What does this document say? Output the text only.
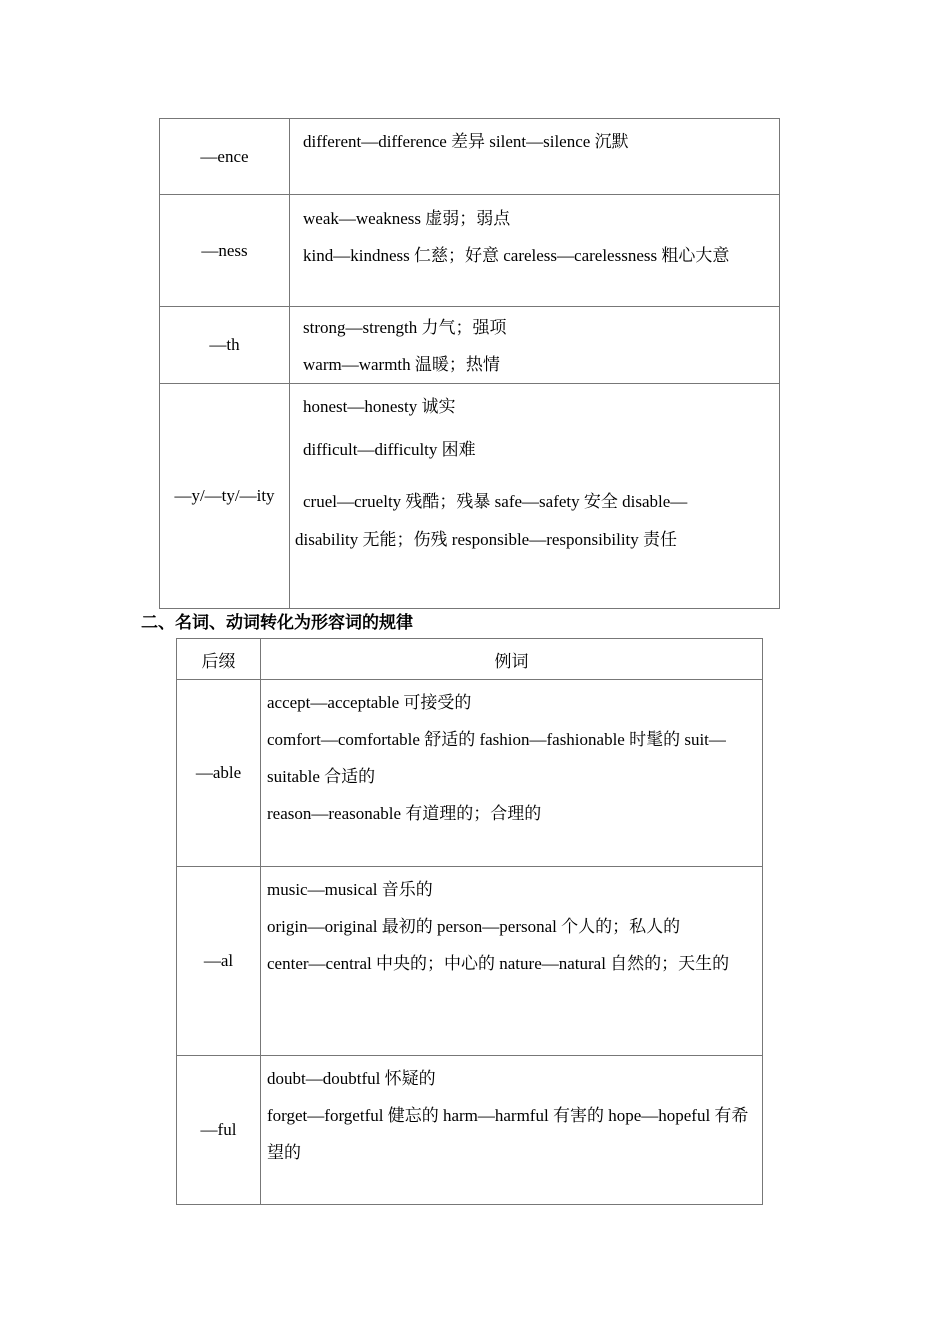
—ence	different—difference 差异 silent—silence 沉默

—ness	weak—weakness 虚弱；弱点
kind—kindness 仁慈；好意 careless—carelessness 粗心大意

—th	strong—strength 力气；强项
warm—warmth 温暖；热情

—y/—ty/—ity	honest—honesty 诚实
difficult—difficulty 困难
cruel—cruelty 残酷；残暴 safe—safety 安全 disable—
disability 无能；伤残 responsible—responsibility 责任
二、名词、动词转化为形容词的规律
后缀	例词
—able	accept—acceptable 可接受的
comfort—comfortable 舒适的 fashion—fashionable 时髦的 suit—suitable 合适的
reason—reasonable 有道理的；合理的

—al	music—musical 音乐的
origin—original 最初的 person—personal 个人的；私人的
center—central 中央的；中心的 nature—natural 自然的；天生的

—ful	doubt—doubtful 怀疑的
forget—forgetful 健忘的 harm—harmful 有害的 hope—hopeful 有希望的
